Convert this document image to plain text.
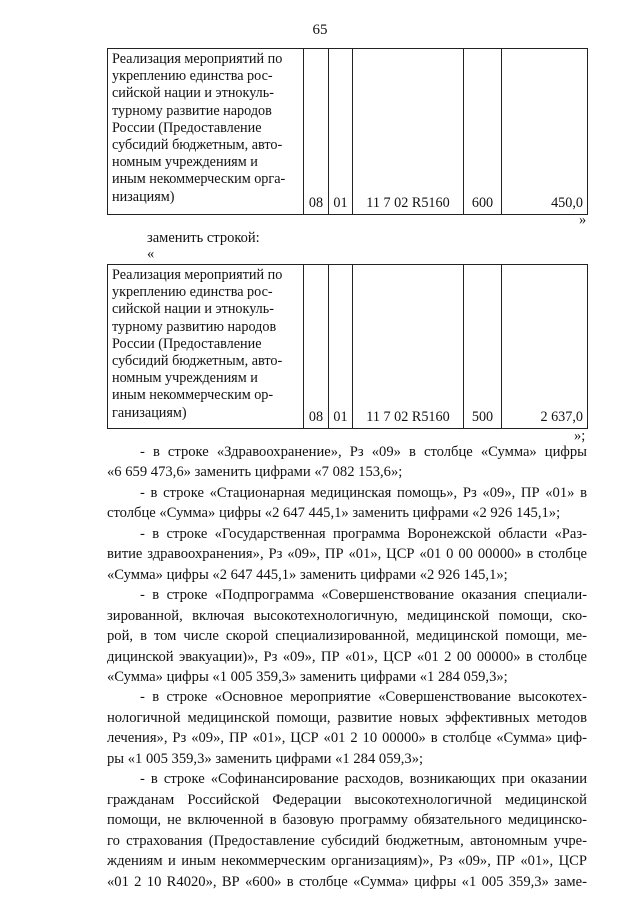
65
Реализация мероприятий по
укреплению единства рос-
сийской нации и этнокуль-
турному развитие народов
России (Предоставление
субсидий бюджетным, авто-
номным учреждениям и
иным некоммерческим орга-
низациям)	08	01	11 7 02 R5160	600	450,0
»
заменить строкой:
«
Реализация мероприятий по
укреплению единства рос-
сийской нации и этнокуль-
турному развитию народов
России (Предоставление
субсидий бюджетным, авто-
номным учреждениям и
иным некоммерческим ор-
ганизациям)	08	01	11 7 02 R5160	500	2 637,0
»;
- в строке «Здравоохранение», Рз «09» в столбце «Сумма» цифры
«6 659 473,6» заменить цифрами «7 082 153,6»;
- в строке «Стационарная медицинская помощь», Рз «09», ПР «01» в
столбце «Сумма» цифры «2 647 445,1» заменить цифрами «2 926 145,1»;
- в строке «Государственная программа Воронежской области «Раз-
витие здравоохранения», Рз «09», ПР «01», ЦСР «01 0 00 00000» в столбце
«Сумма» цифры «2 647 445,1» заменить цифрами «2 926 145,1»;
- в строке «Подпрограмма «Совершенствование оказания специали-
зированной, включая высокотехнологичную, медицинской помощи, ско-
рой, в том числе скорой специализированной, медицинской помощи, ме-
дицинской эвакуации)», Рз «09», ПР «01», ЦСР «01 2 00 00000» в столбце
«Сумма» цифры «1 005 359,3» заменить цифрами «1 284 059,3»;
- в строке «Основное мероприятие «Совершенствование высокотех-
нологичной медицинской помощи, развитие новых эффективных методов
лечения», Рз «09», ПР «01», ЦСР «01 2 10 00000» в столбце «Сумма» циф-
ры «1 005 359,3» заменить цифрами «1 284 059,3»;
- в строке «Софинансирование расходов, возникающих при оказании
гражданам Российской Федерации высокотехнологичной медицинской
помощи, не включенной в базовую программу обязательного медицинско-
го страхования (Предоставление субсидий бюджетным, автономным учре-
ждениям и иным некоммерческим организациям)», Рз «09», ПР «01», ЦСР
«01 2 10 R4020», ВР «600» в столбце «Сумма» цифры «1 005 359,3» заме-
